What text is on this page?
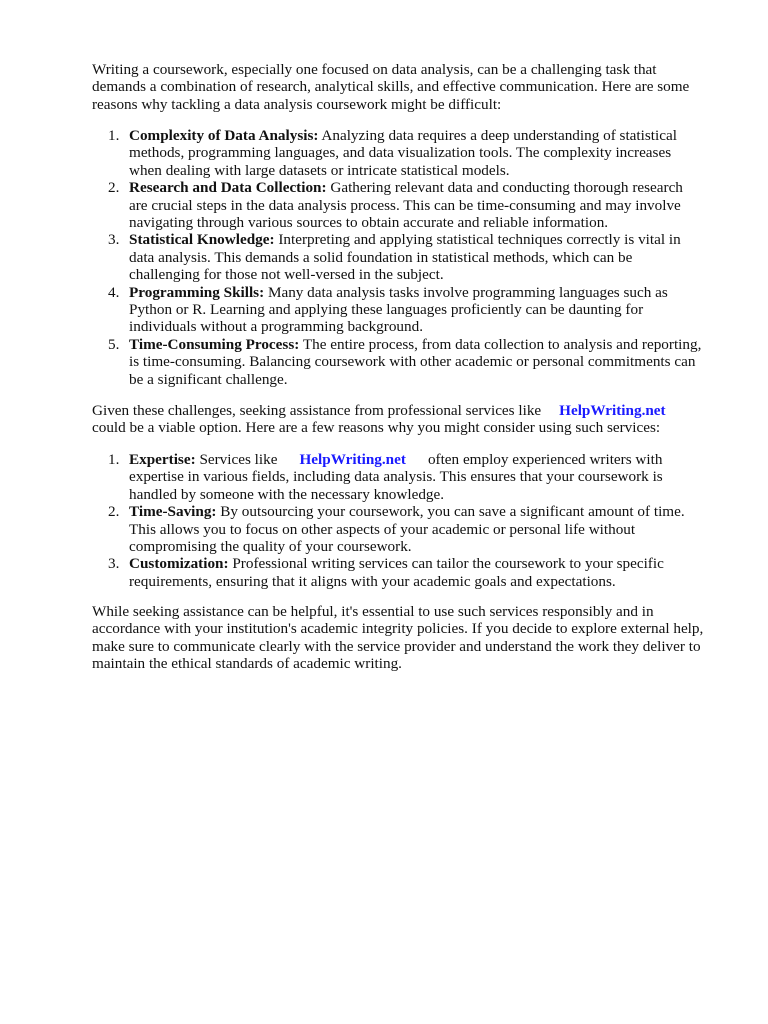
Writing a coursework, especially one focused on data analysis, can be a challenging task that
demands a combination of research, analytical skills, and effective communication. Here are some
reasons why tackling a data analysis coursework might be difficult:

1. Complexity of Data Analysis: Analyzing data requires a deep understanding of statistical
methods, programming languages, and data visualization tools. The complexity increases
when dealing with large datasets or intricate statistical models.
2. Research and Data Collection: Gathering relevant data and conducting thorough research
are crucial steps in the data analysis process. This can be time-consuming and may involve
navigating through various sources to obtain accurate and reliable information.
3. Statistical Knowledge: Interpreting and applying statistical techniques correctly is vital in
data analysis. This demands a solid foundation in statistical methods, which can be
challenging for those not well-versed in the subject.
4. Programming Skills: Many data analysis tasks involve programming languages such as
Python or R. Learning and applying these languages proficiently can be daunting for
individuals without a programming background.
5. Time-Consuming Process: The entire process, from data collection to analysis and reporting,
is time-consuming. Balancing coursework with other academic or personal commitments can
be a significant challenge.

Given these challenges, seeking assistance from professional services like HelpWriting.net
could be a viable option. Here are a few reasons why you might consider using such services:

1. Expertise: Services like HelpWriting.net often employ experienced writers with
expertise in various fields, including data analysis. This ensures that your coursework is
handled by someone with the necessary knowledge.
2. Time-Saving: By outsourcing your coursework, you can save a significant amount of time.
This allows you to focus on other aspects of your academic or personal life without
compromising the quality of your coursework.
3. Customization: Professional writing services can tailor the coursework to your specific
requirements, ensuring that it aligns with your academic goals and expectations.

While seeking assistance can be helpful, it's essential to use such services responsibly and in
accordance with your institution's academic integrity policies. If you decide to explore external help,
make sure to communicate clearly with the service provider and understand the work they deliver to
maintain the ethical standards of academic writing.
